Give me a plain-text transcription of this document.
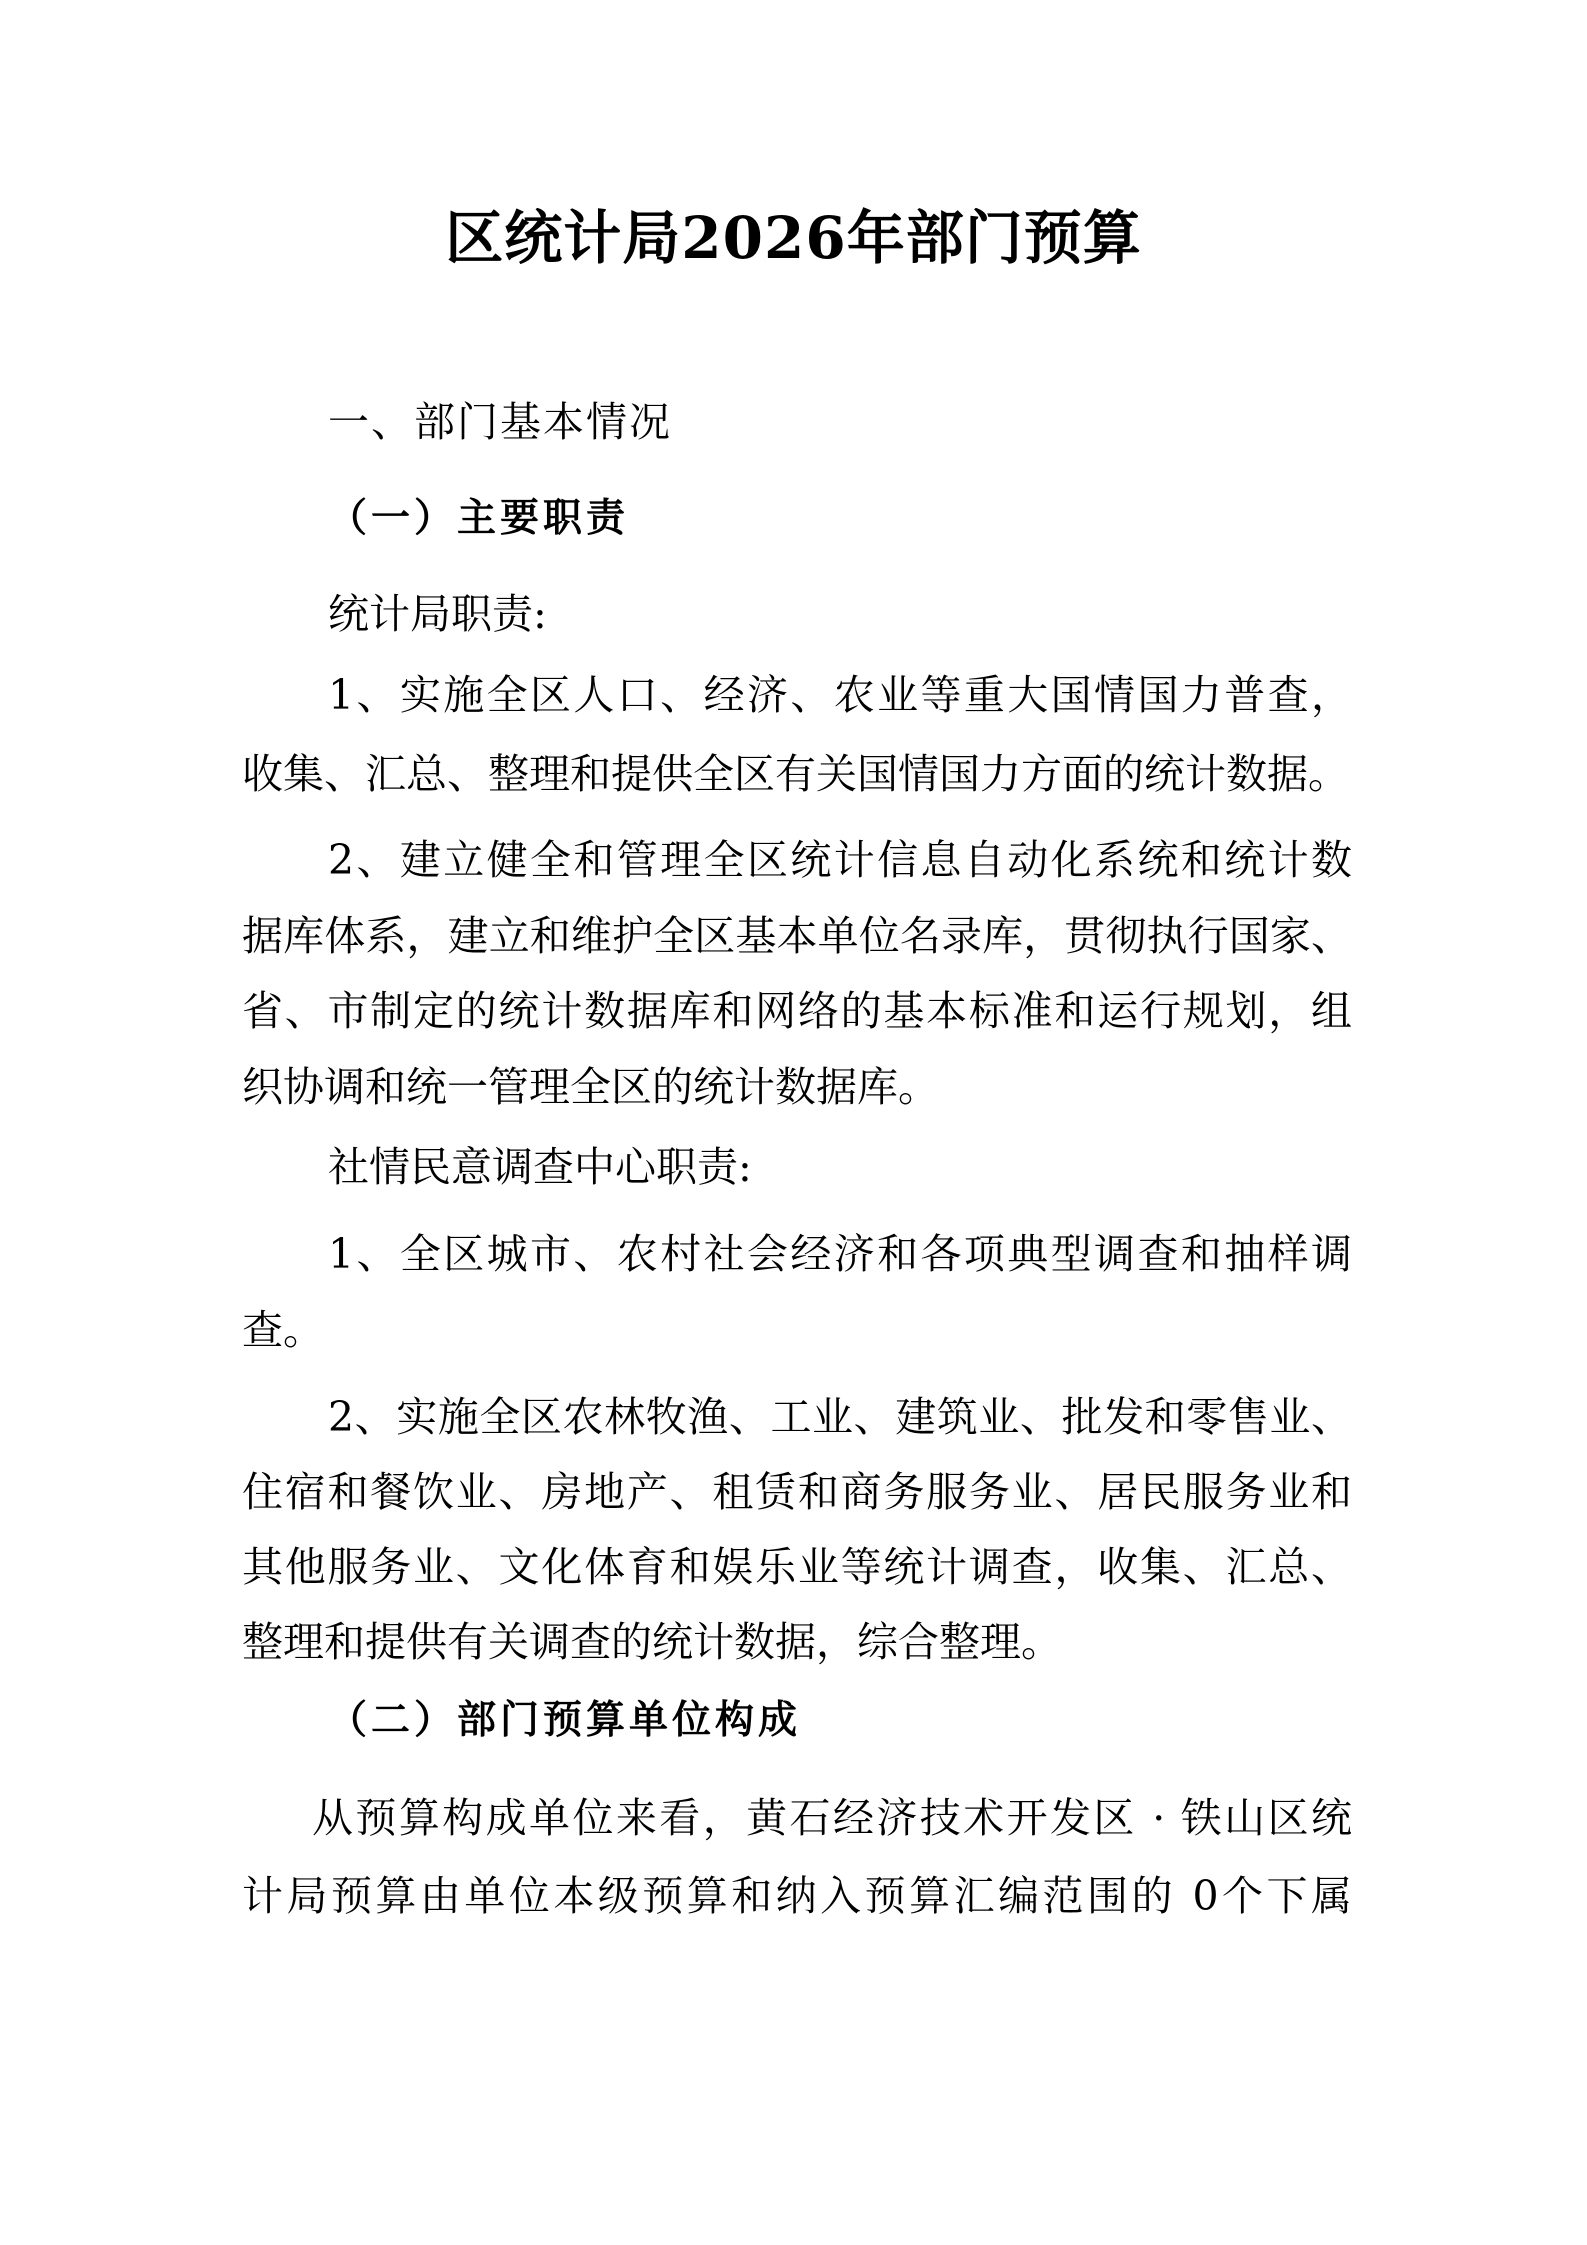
区统计局2026年部门预算
一、部门基本情况
（一）主要职责
统计局职责:
1、实施全区人口、经济、农业等重大国情国力普查，
收集、汇总、整理和提供全区有关国情国力方面的统计数据。
2、建立健全和管理全区统计信息自动化系统和统计数
据库体系，建立和维护全区基本单位名录库，贯彻执行国家、
省、市制定的统计数据库和网络的基本标准和运行规划，组
织协调和统一管理全区的统计数据库。
社情民意调查中心职责:
1、全区城市、农村社会经济和各项典型调查和抽样调
查。
2、实施全区农林牧渔、工业、建筑业、批发和零售业、
住宿和餐饮业、房地产、租赁和商务服务业、居民服务业和
其他服务业、文化体育和娱乐业等统计调查，收集、汇总、
整理和提供有关调查的统计数据，综合整理。
（二）部门预算单位构成
从预算构成单位来看，黄石经济技术开发区 · 铁山区统
计局预算由单位本级预算和纳入预算汇编范围的 0个下属
